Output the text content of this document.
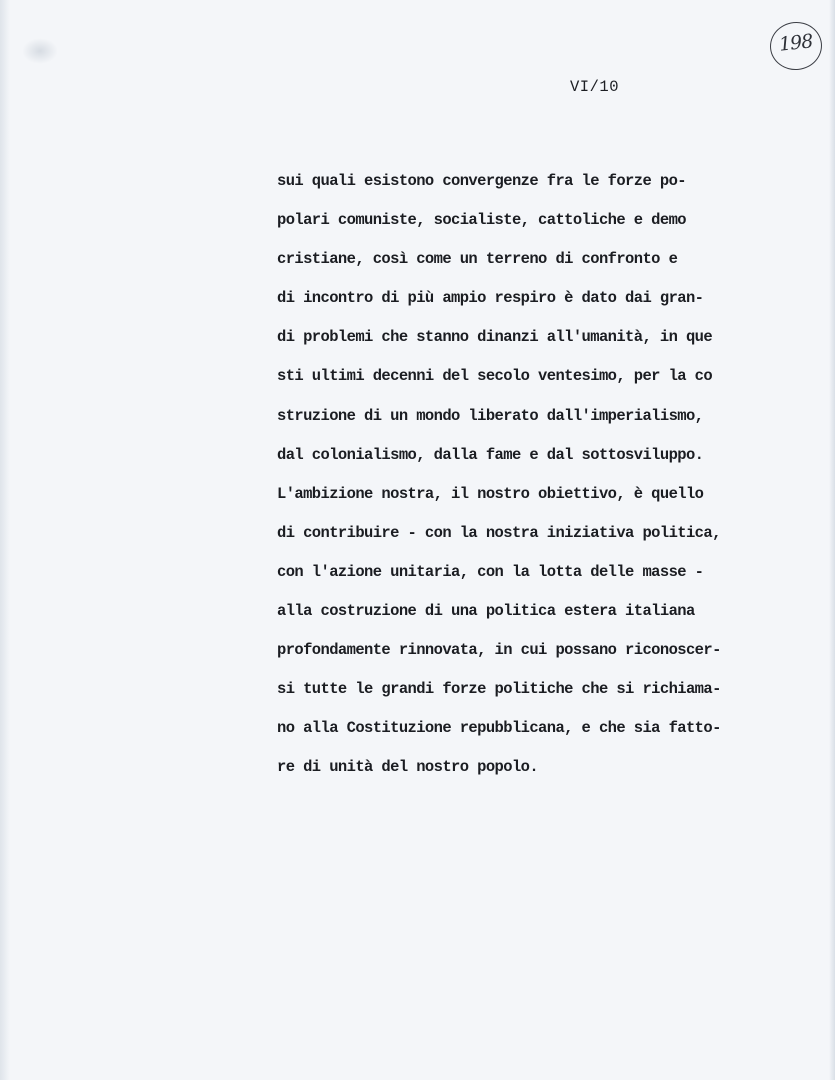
198
VI/10
sui quali esistono convergenze fra le forze po-
polari comuniste, socialiste, cattoliche e demo
cristiane, così come un terreno di confronto e
di incontro di più ampio respiro è dato dai gran-
di problemi che stanno dinanzi all'umanità, in que
sti ultimi decenni del secolo ventesimo, per la co
struzione di un mondo liberato dall'imperialismo,
dal colonialismo, dalla fame e dal sottosviluppo.
L'ambizione nostra, il nostro obiettivo, è quello
di contribuire - con la nostra iniziativa politica,
con l'azione unitaria, con la lotta delle masse -
alla costruzione di una politica estera italiana
profondamente rinnovata, in cui possano riconoscer-
si tutte le grandi forze politiche che si richiama-
no alla Costituzione repubblicana, e che sia fatto-
re di unità del nostro popolo.
